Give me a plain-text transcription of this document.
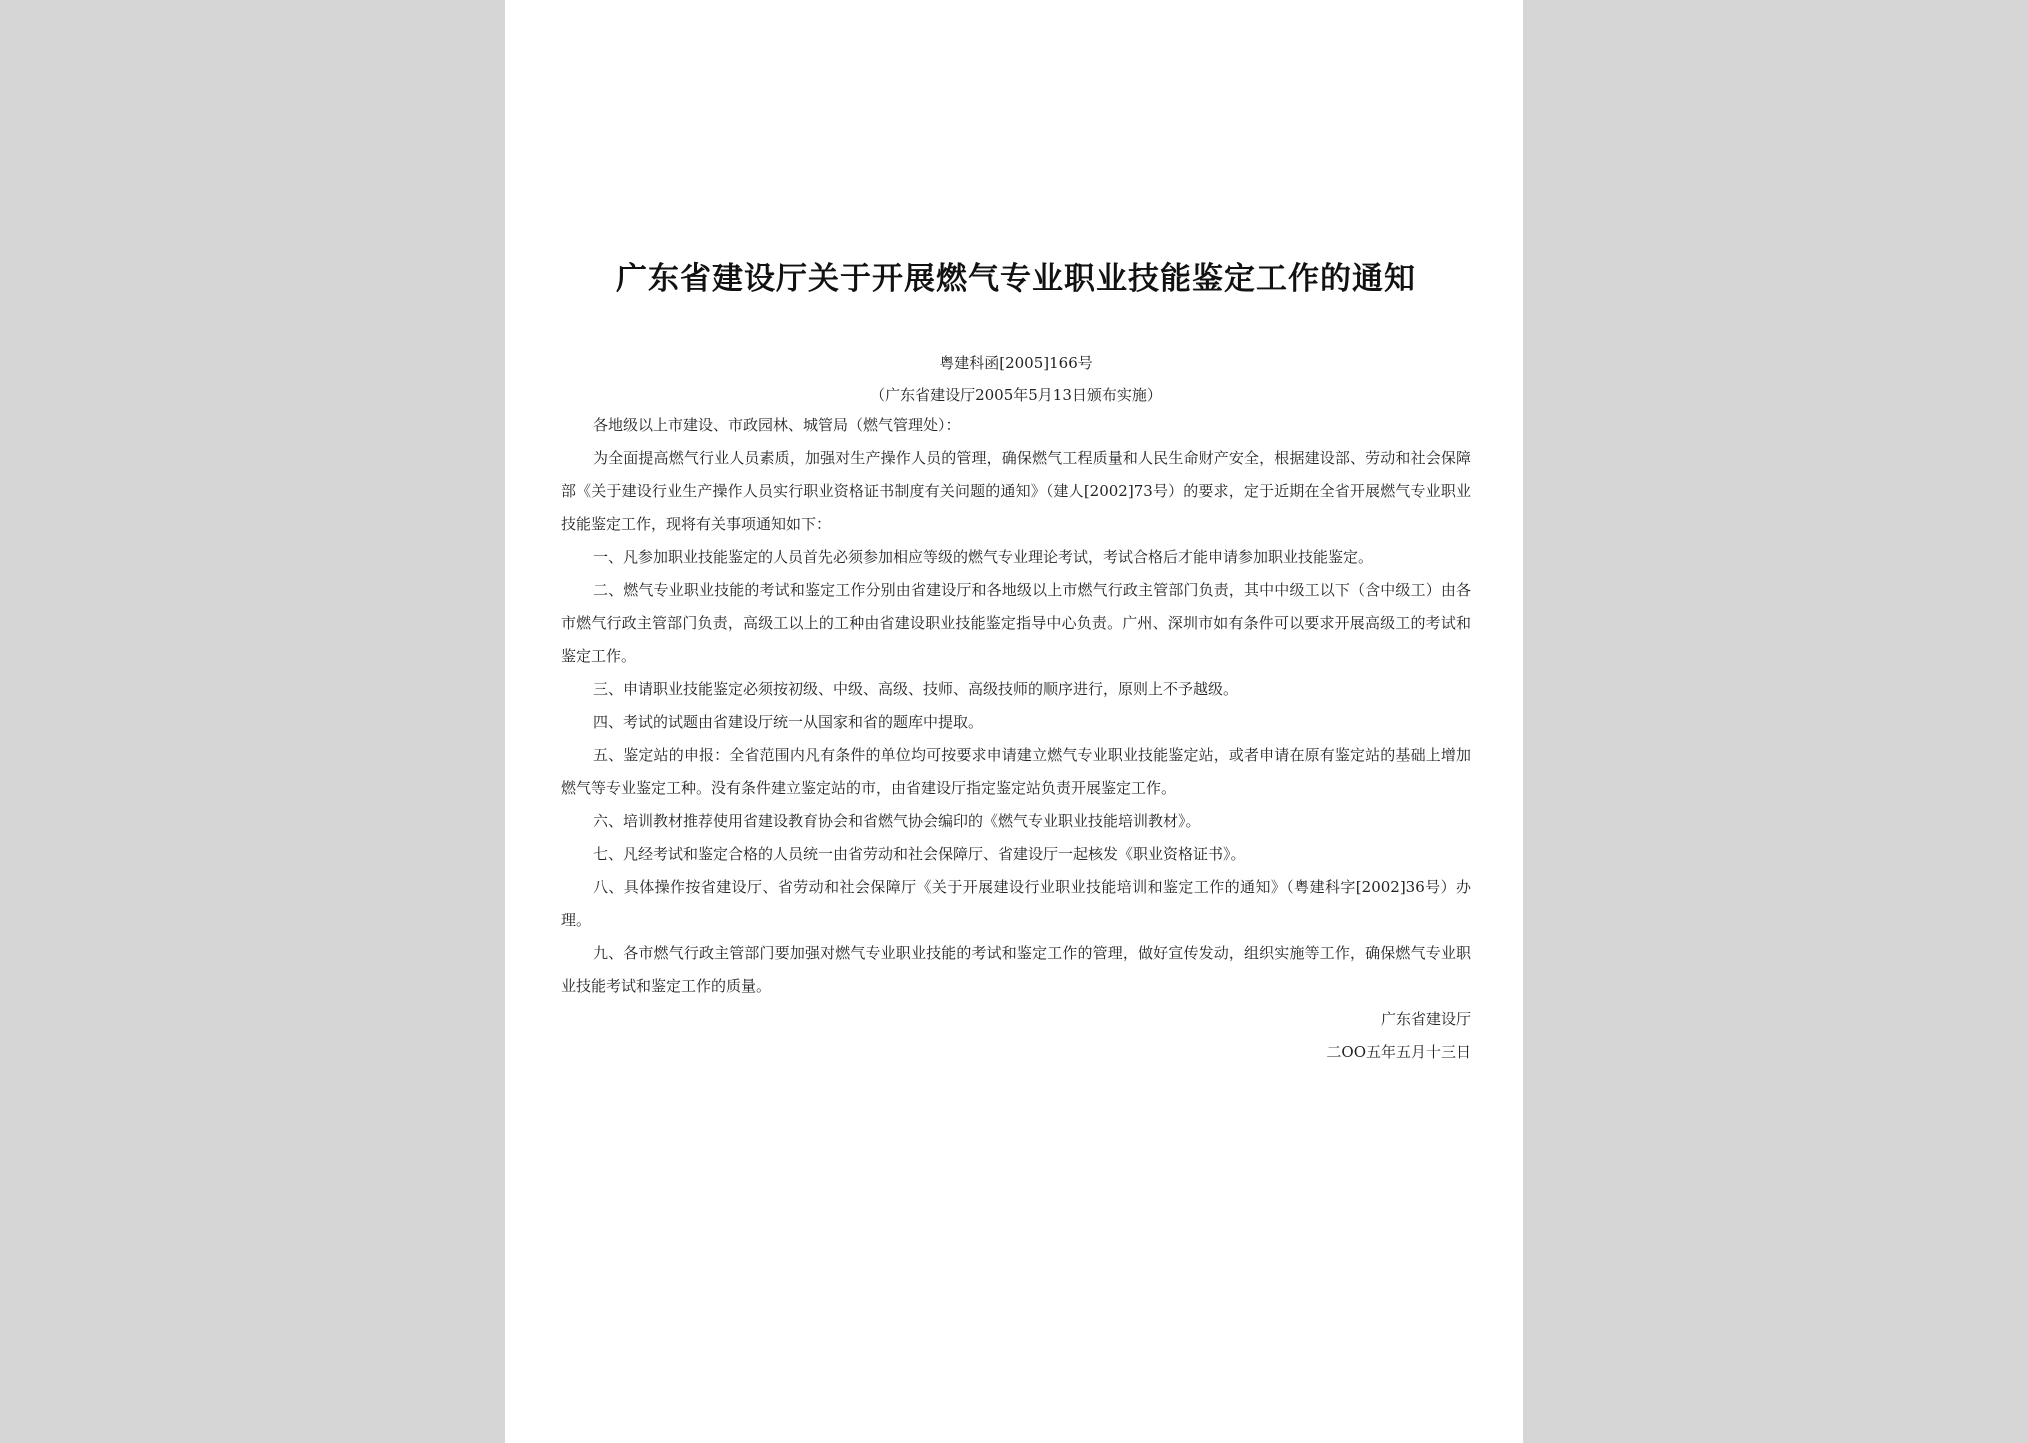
广东省建设厅关于开展燃气专业职业技能鉴定工作的通知
粤建科函[2005]166号
（广东省建设厅2005年5月13日颁布实施）

各地级以上市建设、市政园林、城管局（燃气管理处）：

为全面提高燃气行业人员素质，加强对生产操作人员的管理，确保燃气工程质量和人民生命财产安全，根据建设部、劳动和社会保障部《关于建设行业生产操作人员实行职业资格证书制度有关问题的通知》（建人[2002]73号）的要求，定于近期在全省开展燃气专业职业技能鉴定工作，现将有关事项通知如下：

一、凡参加职业技能鉴定的人员首先必须参加相应等级的燃气专业理论考试，考试合格后才能申请参加职业技能鉴定。

二、燃气专业职业技能的考试和鉴定工作分别由省建设厅和各地级以上市燃气行政主管部门负责，其中中级工以下（含中级工）由各市燃气行政主管部门负责，高级工以上的工种由省建设职业技能鉴定指导中心负责。广州、深圳市如有条件可以要求开展高级工的考试和鉴定工作。

三、申请职业技能鉴定必须按初级、中级、高级、技师、高级技师的顺序进行，原则上不予越级。

四、考试的试题由省建设厅统一从国家和省的题库中提取。

五、鉴定站的申报：全省范围内凡有条件的单位均可按要求申请建立燃气专业职业技能鉴定站，或者申请在原有鉴定站的基础上增加燃气等专业鉴定工种。没有条件建立鉴定站的市，由省建设厅指定鉴定站负责开展鉴定工作。

六、培训教材推荐使用省建设教育协会和省燃气协会编印的《燃气专业职业技能培训教材》。

七、凡经考试和鉴定合格的人员统一由省劳动和社会保障厅、省建设厅一起核发《职业资格证书》。

八、具体操作按省建设厅、省劳动和社会保障厅《关于开展建设行业职业技能培训和鉴定工作的通知》（粤建科字[2002]36号）办理。

九、各市燃气行政主管部门要加强对燃气专业职业技能的考试和鉴定工作的管理，做好宣传发动，组织实施等工作，确保燃气专业职业技能考试和鉴定工作的质量。

广东省建设厅

二OO五年五月十三日
